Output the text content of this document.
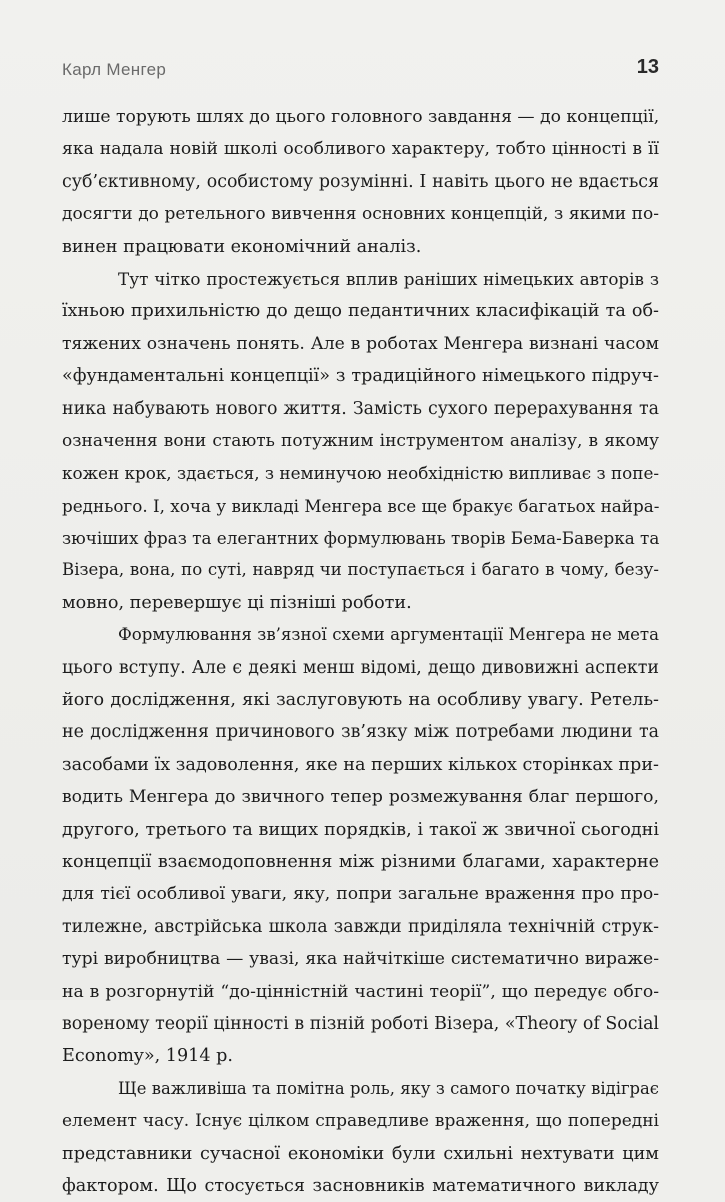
Карл Менгер	13
лише торують шлях до цього головного завдання — до концепції,
яка надала новій школі особливого характеру, тобто цінності в її
суб’єктивному, особистому розумінні. І навіть цього не вдається
досягти до ретельного вивчення основних концепцій, з якими по-
винен працювати економічний аналіз.
Тут чітко простежується вплив раніших німецьких авторів з
їхньою прихильністю до дещо педантичних класифікацій та об-
тяжених означень понять. Але в роботах Менгера визнані часом
«фундаментальні концепції» з традиційного німецького підруч-
ника набувають нового життя. Замість сухого перерахування та
означення вони стають потужним інструментом аналізу, в якому
кожен крок, здається, з неминучою необхідністю випливає з попе-
реднього. І, хоча у викладі Менгера все ще бракує багатьох найра-
зючіших фраз та елегантних формулювань творів Бема-Баверка та
Візера, вона, по суті, навряд чи поступається і багато в чому, безу-
мовно, перевершує ці пізніші роботи.
Формулювання зв’язної схеми аргументації Менгера не мета
цього вступу. Але є деякі менш відомі, дещо дивовижні аспекти
його дослідження, які заслуговують на особливу увагу. Ретель-
не дослідження причинового зв’язку між потребами людини та
засобами їх задоволення, яке на перших кількох сторінках при-
водить Менгера до звичного тепер розмежування благ першого,
другого, третього та вищих порядків, і такої ж звичної сьогодні
концепції взаємодоповнення між різними благами, характерне
для тієї особливої уваги, яку, попри загальне враження про про-
тилежне, австрійська школа завжди приділяла технічній струк-
турі виробництва — увазі, яка найчіткіше систематично вираже-
на в розгорнутій “до-цінністній частині теорії”, що передує обго-
вореному теорії цінності в пізній роботі Візера, «Theory of Social
Economy», 1914 р.
Ще важливіша та помітна роль, яку з самого початку відіграє
елемент часу. Існує цілком справедливе враження, що попередні
представники сучасної економіки були схильні нехтувати цим
фактором. Що стосується засновників математичного викладу
